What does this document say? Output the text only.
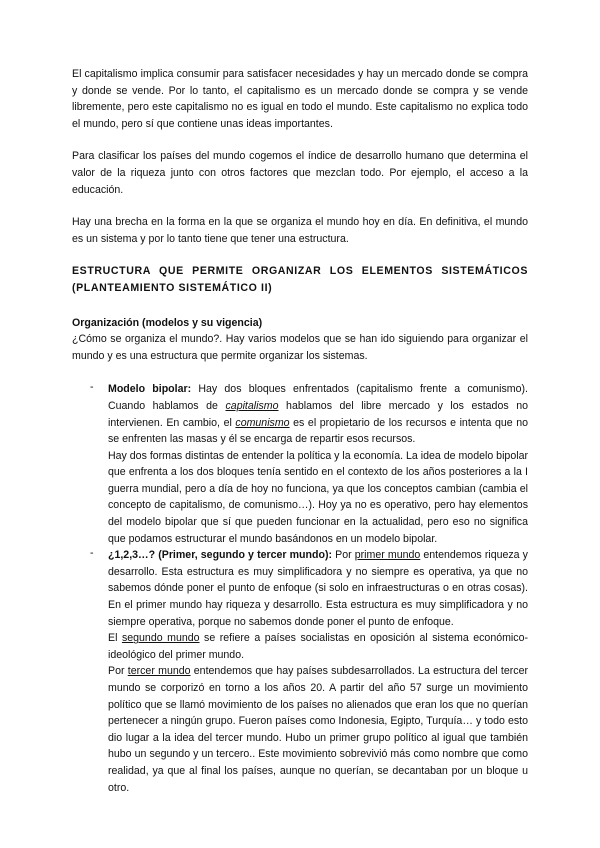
El capitalismo implica consumir para satisfacer necesidades y hay un mercado donde se compra y donde se vende. Por lo tanto, el capitalismo es un mercado donde se compra y se vende libremente, pero este capitalismo no es igual en todo el mundo. Este capitalismo no explica todo el mundo, pero sí que contiene unas ideas importantes.

Para clasificar los países del mundo cogemos el índice de desarrollo humano que determina el valor de la riqueza junto con otros factores que mezclan todo. Por ejemplo, el acceso a la educación.

Hay una brecha en la forma en la que se organiza el mundo hoy en día. En definitiva, el mundo es un sistema y por lo tanto tiene que tener una estructura.

ESTRUCTURA QUE PERMITE ORGANIZAR LOS ELEMENTOS SISTEMÁTICOS (PLANTEAMIENTO SISTEMÁTICO II)

Organización (modelos y su vigencia)

¿Cómo se organiza el mundo?. Hay varios modelos que se han ido siguiendo para organizar el mundo y es una estructura que permite organizar los sistemas.

- Modelo bipolar: Hay dos bloques enfrentados (capitalismo frente a comunismo). Cuando hablamos de capitalismo hablamos del libre mercado y los estados no intervienen. En cambio, el comunismo es el propietario de los recursos e intenta que no se enfrenten las masas y él se encarga de repartir esos recursos.

Hay dos formas distintas de entender la política y la economía. La idea de modelo bipolar que enfrenta a los dos bloques tenía sentido en el contexto de los años posteriores a la I guerra mundial, pero a día de hoy no funciona, ya que los conceptos cambian (cambia el concepto de capitalismo, de comunismo…). Hoy ya no es operativo, pero hay elementos del modelo bipolar que sí que pueden funcionar en la actualidad, pero eso no significa que podamos estructurar el mundo basándonos en un modelo bipolar.

- ¿1,2,3…? (Primer, segundo y tercer mundo): Por primer mundo entendemos riqueza y desarrollo. Esta estructura es muy simplificadora y no siempre es operativa, ya que no sabemos dónde poner el punto de enfoque (si solo en infraestructuras o en otras cosas). En el primer mundo hay riqueza y desarrollo. Esta estructura es muy simplificadora y no siempre operativa, porque no sabemos donde poner el punto de enfoque.

El segundo mundo se refiere a países socialistas en oposición al sistema económico-ideológico del primer mundo.

Por tercer mundo entendemos que hay países subdesarrollados. La estructura del tercer mundo se corporizó en torno a los años 20. A partir del año 57 surge un movimiento político que se llamó movimiento de los países no alienados que eran los que no querían pertenecer a ningún grupo. Fueron países como Indonesia, Egipto, Turquía… y todo esto dio lugar a la idea del tercer mundo. Hubo un primer grupo político al igual que también hubo un segundo y un tercero.. Este movimiento sobrevivió más como nombre que como realidad, ya que al final los países, aunque no querían, se decantaban por un bloque u otro.
